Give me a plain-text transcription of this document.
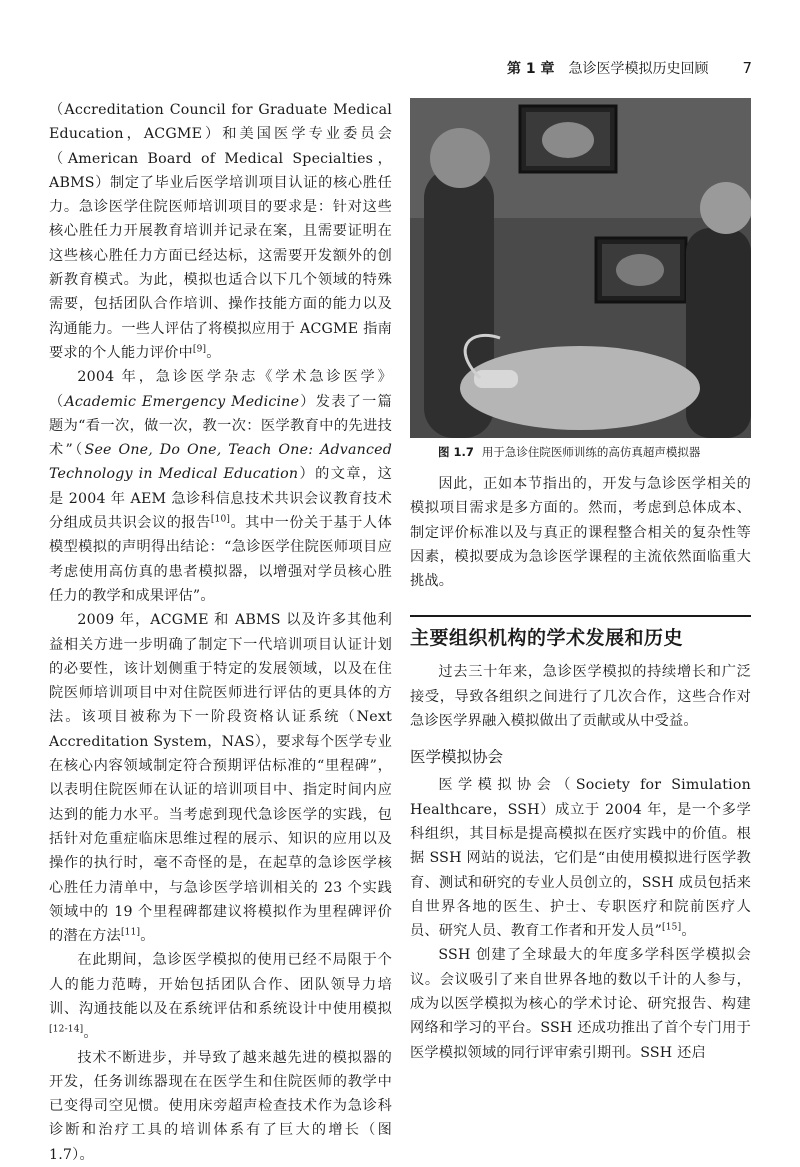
第 1 章 急诊医学模拟历史回顾 7

（Accreditation Council for Graduate Medical Education，ACGME）和美国医学专业委员会（American Board of Medical Specialties，ABMS）制定了毕业后医学培训项目认证的核心胜任力。急诊医学住院医师培训项目的要求是：针对这些核心胜任力开展教育培训并记录在案，且需要证明在这些核心胜任力方面已经达标，这需要开发额外的创新教育模式。为此，模拟也适合以下几个领域的特殊需要，包括团队合作培训、操作技能方面的能力以及沟通能力。一些人评估了将模拟应用于 ACGME 指南要求的个人能力评价中[9]。

2004 年，急诊医学杂志《学术急诊医学》（Academic Emergency Medicine）发表了一篇题为“看一次，做一次，教一次：医学教育中的先进技术”（See One, Do One, Teach One: Advanced Technology in Medical Education）的文章，这是 2004 年 AEM 急诊科信息技术共识会议教育技术分组成员共识会议的报告[10]。其中一份关于基于人体模型模拟的声明得出结论：“急诊医学住院医师项目应考虑使用高仿真的患者模拟器，以增强对学员核心胜任力的教学和成果评估”。

2009 年，ACGME 和 ABMS 以及许多其他利益相关方进一步明确了制定下一代培训项目认证计划的必要性，该计划侧重于特定的发展领域，以及在住院医师培训项目中对住院医师进行评估的更具体的方法。该项目被称为下一阶段资格认证系统（Next Accreditation System，NAS），要求每个医学专业在核心内容领域制定符合预期评估标准的“里程碑”，以表明住院医师在认证的培训项目中、指定时间内应达到的能力水平。当考虑到现代急诊医学的实践，包括针对危重症临床思维过程的展示、知识的应用以及操作的执行时，毫不奇怪的是，在起草的急诊医学核心胜任力清单中，与急诊医学培训相关的 23 个实践领域中的 19 个里程碑都建议将模拟作为里程碑评价的潜在方法[11]。

在此期间，急诊医学模拟的使用已经不局限于个人的能力范畴，开始包括团队合作、团队领导力培训、沟通技能以及在系统评估和系统设计中使用模拟[12-14]。

技术不断进步，并导致了越来越先进的模拟器的开发，任务训练器现在在医学生和住院医师的教学中已变得司空见惯。使用床旁超声检查技术作为急诊科诊断和治疗工具的培训体系有了巨大的增长（图 1.7）。

图 1.7 用于急诊住院医师训练的高仿真超声模拟器

因此，正如本节指出的，开发与急诊医学相关的模拟项目需求是多方面的。然而，考虑到总体成本、制定评价标准以及与真正的课程整合相关的复杂性等因素，模拟要成为急诊医学课程的主流依然面临重大挑战。

主要组织机构的学术发展和历史

过去三十年来，急诊医学模拟的持续增长和广泛接受，导致各组织之间进行了几次合作，这些合作对急诊医学界融入模拟做出了贡献或从中受益。

医学模拟协会

医学模拟协会（Society for Simulation Healthcare，SSH）成立于 2004 年，是一个多学科组织，其目标是提高模拟在医疗实践中的价值。根据 SSH 网站的说法，它们是“由使用模拟进行医学教育、测试和研究的专业人员创立的，SSH 成员包括来自世界各地的医生、护士、专职医疗和院前医疗人员、研究人员、教育工作者和开发人员”[15]。

SSH 创建了全球最大的年度多学科医学模拟会议。会议吸引了来自世界各地的数以千计的人参与，成为以医学模拟为核心的学术讨论、研究报告、构建网络和学习的平台。SSH 还成功推出了首个专门用于医学模拟领域的同行评审索引期刊。SSH 还启
